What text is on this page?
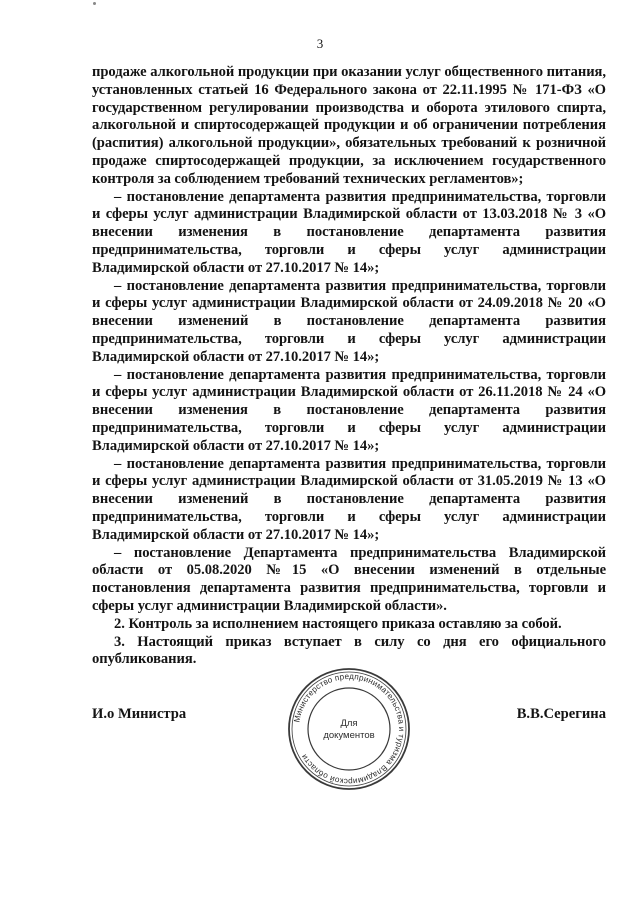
3

продаже алкогольной продукции при оказании услуг общественного питания, установленных статьей 16 Федерального закона от 22.11.1995 № 171-ФЗ «О государственном регулировании производства и оборота этилового спирта, алкогольной и спиртосодержащей продукции и об ограничении потребления (распития) алкогольной продукции», обязательных требований к розничной продаже спиртосодержащей продукции, за исключением государственного контроля за соблюдением требований технических регламентов»;

– постановление департамента развития предпринимательства, торговли и сферы услуг администрации Владимирской области от 13.03.2018 № 3 «О внесении изменения в постановление департамента развития предпринимательства, торговли и сферы услуг администрации Владимирской области от 27.10.2017 № 14»;

– постановление департамента развития предпринимательства, торговли и сферы услуг администрации Владимирской области от 24.09.2018 № 20 «О внесении изменений в постановление департамента развития предпринимательства, торговли и сферы услуг администрации Владимирской области от 27.10.2017 № 14»;

– постановление департамента развития предпринимательства, торговли и сферы услуг администрации Владимирской области от 26.11.2018 № 24 «О внесении изменения в постановление департамента развития предпринимательства, торговли и сферы услуг администрации Владимирской области от 27.10.2017 № 14»;

– постановление департамента развития предпринимательства, торговли и сферы услуг администрации Владимирской области от 31.05.2019 № 13 «О внесении изменений в постановление департамента развития предпринимательства, торговли и сферы услуг администрации Владимирской области от 27.10.2017 № 14»;

– постановление Департамента предпринимательства Владимирской области от 05.08.2020 №15 «О внесении изменений в отдельные постановления департамента развития предпринимательства, торговли и сферы услуг администрации Владимирской области».

2. Контроль за исполнением настоящего приказа оставляю за собой.

3. Настоящий приказ вступает в силу со дня его официального опубликования.

И.о Министра	В.В.Серегина
Министерство предпринимательства и туризма Владимирской области
Для
документов
